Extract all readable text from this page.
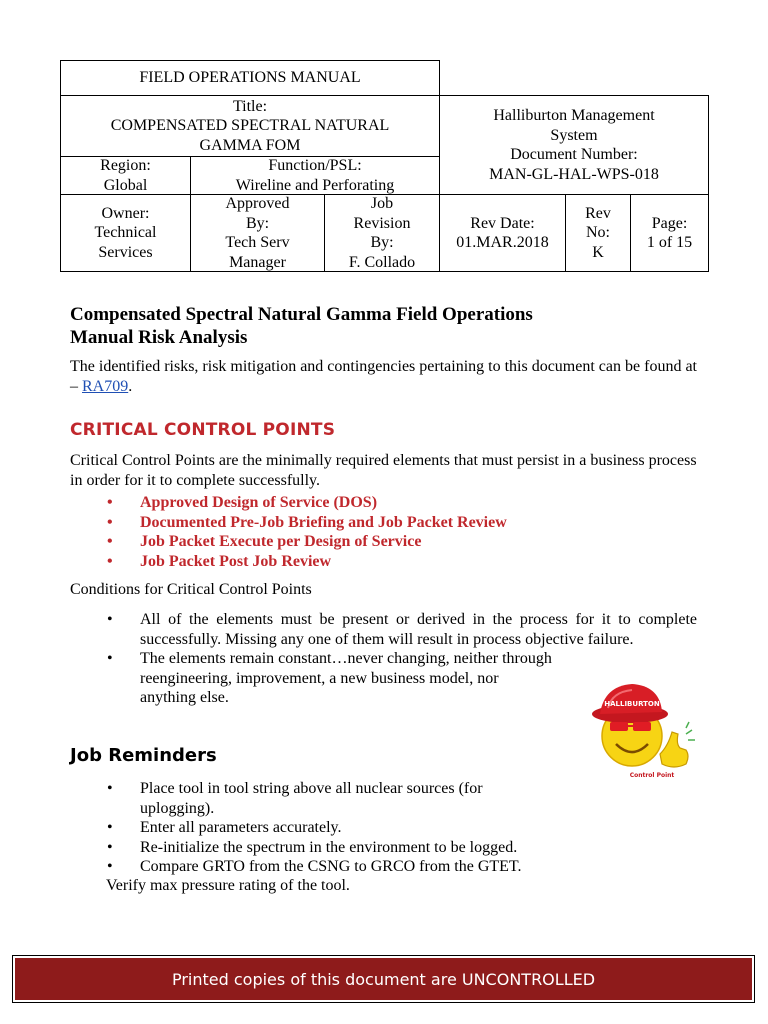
FIELD OPERATIONS MANUAL
Title:
COMPENSATED SPECTRAL NATURAL
GAMMA FOM
Halliburton Management
System
Document Number:
MAN-GL-HAL-WPS-018
Region:
Global
Function/PSL:
Wireline and Perforating
Owner:
Technical
Services
Approved
By:
Tech Serv
Manager
Job
Revision
By:
F. Collado
Rev Date:
01.MAR.2018
Rev
No:
K
Page:
1 of 15
Compensated Spectral Natural Gamma Field Operations
Manual Risk Analysis
The identified risks, risk mitigation and contingencies pertaining to this document can be found at – RA709.
CRITICAL CONTROL POINTS
Critical Control Points are the minimally required elements that must persist in a business process in order for it to complete successfully.
• Approved Design of Service (DOS)
• Documented Pre-Job Briefing and Job Packet Review
• Job Packet Execute per Design of Service
• Job Packet Post Job Review
Conditions for Critical Control Points
• All of the elements must be present or derived in the process for it to complete successfully. Missing any one of them will result in process objective failure.
• The elements remain constant…never changing, neither through
reengineering, improvement, a new business model, nor
anything else.	HALLIBURTON
Control Point
Job Reminders
• Place tool in tool string above all nuclear sources (for
uplogging).
• Enter all parameters accurately.
• Re-initialize the spectrum in the environment to be logged.
• Compare GRTO from the CSNG to GRCO from the GTET.
Verify max pressure rating of the tool.
Printed copies of this document are UNCONTROLLED
